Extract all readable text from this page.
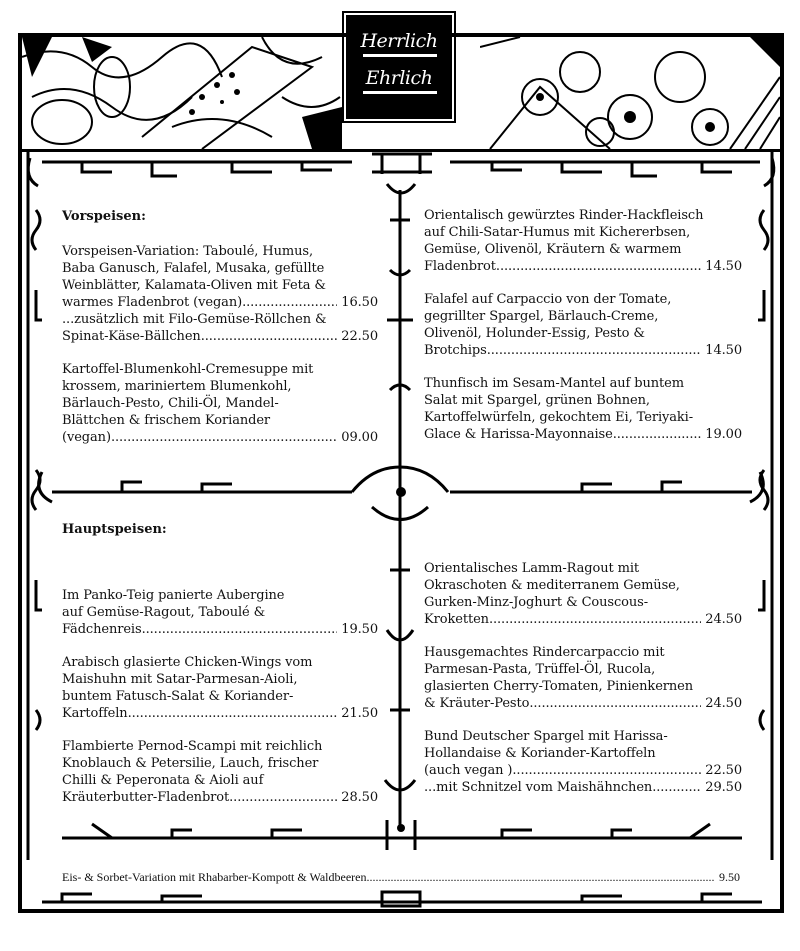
Herrlich
Ehrlich
Vorspeisen:
Vorspeisen-Variation: Taboulé, Humus,
Baba Ganusch, Falafel, Musaka, gefüllte
Weinblätter, Kalamata-Oliven mit Feta &
warmes Fladenbrot (vegan) .....	16.50
...zusätzlich mit Filo-Gemüse-Röllchen &
Spinat-Käse-Bällchen .....	22.50
Kartoffel-Blumenkohl-Cremesuppe mit
krossem, mariniertem Blumenkohl,
Bärlauch-Pesto, Chili-Öl, Mandel-
Blättchen & frischem Koriander
(vegan) .....	09.00
Orientalisch gewürztes Rinder-Hackfleisch
auf Chili-Satar-Humus mit Kichererbsen,
Gemüse, Olivenöl, Kräutern & warmem
Fladenbrot .....	14.50
Falafel auf Carpaccio von der Tomate,
gegrillter Spargel, Bärlauch-Creme,
Olivenöl, Holunder-Essig, Pesto &
Brotchips .....	14.50
Thunfisch im Sesam-Mantel auf buntem
Salat mit Spargel, grünen Bohnen,
Kartoffelwürfeln, gekochtem Ei, Teriyaki-
Glace & Harissa-Mayonnaise .....	19.00
Hauptspeisen:
Im Panko-Teig panierte Aubergine
auf Gemüse-Ragout, Taboulé &
Fädchenreis .....	19.50
Arabisch glasierte Chicken-Wings vom
Maishuhn mit Satar-Parmesan-Aioli,
buntem Fatusch-Salat & Koriander-
Kartoffeln .....	21.50
Flambierte Pernod-Scampi mit reichlich
Knoblauch & Petersilie, Lauch, frischer
Chilli & Peperonata & Aioli auf
Kräuterbutter-Fladenbrot .....	28.50
Orientalisches Lamm-Ragout mit
Okraschoten & mediterranem Gemüse,
Gurken-Minz-Joghurt & Couscous-
Kroketten .....	24.50
Hausgemachtes Rindercarpaccio mit
Parmesan-Pasta, Trüffel-Öl, Rucola,
glasierten Cherry-Tomaten, Pinienkernen
& Kräuter-Pesto .....	24.50
Bund Deutscher Spargel mit Harissa-
Hollandaise & Koriander-Kartoffeln
(auch vegan ) .....	22.50
...mit Schnitzel vom Maishähnchen .....	29.50
Eis- & Sorbet-Variation mit Rhabarber-Kompott & Waldbeeren .....	9.50
